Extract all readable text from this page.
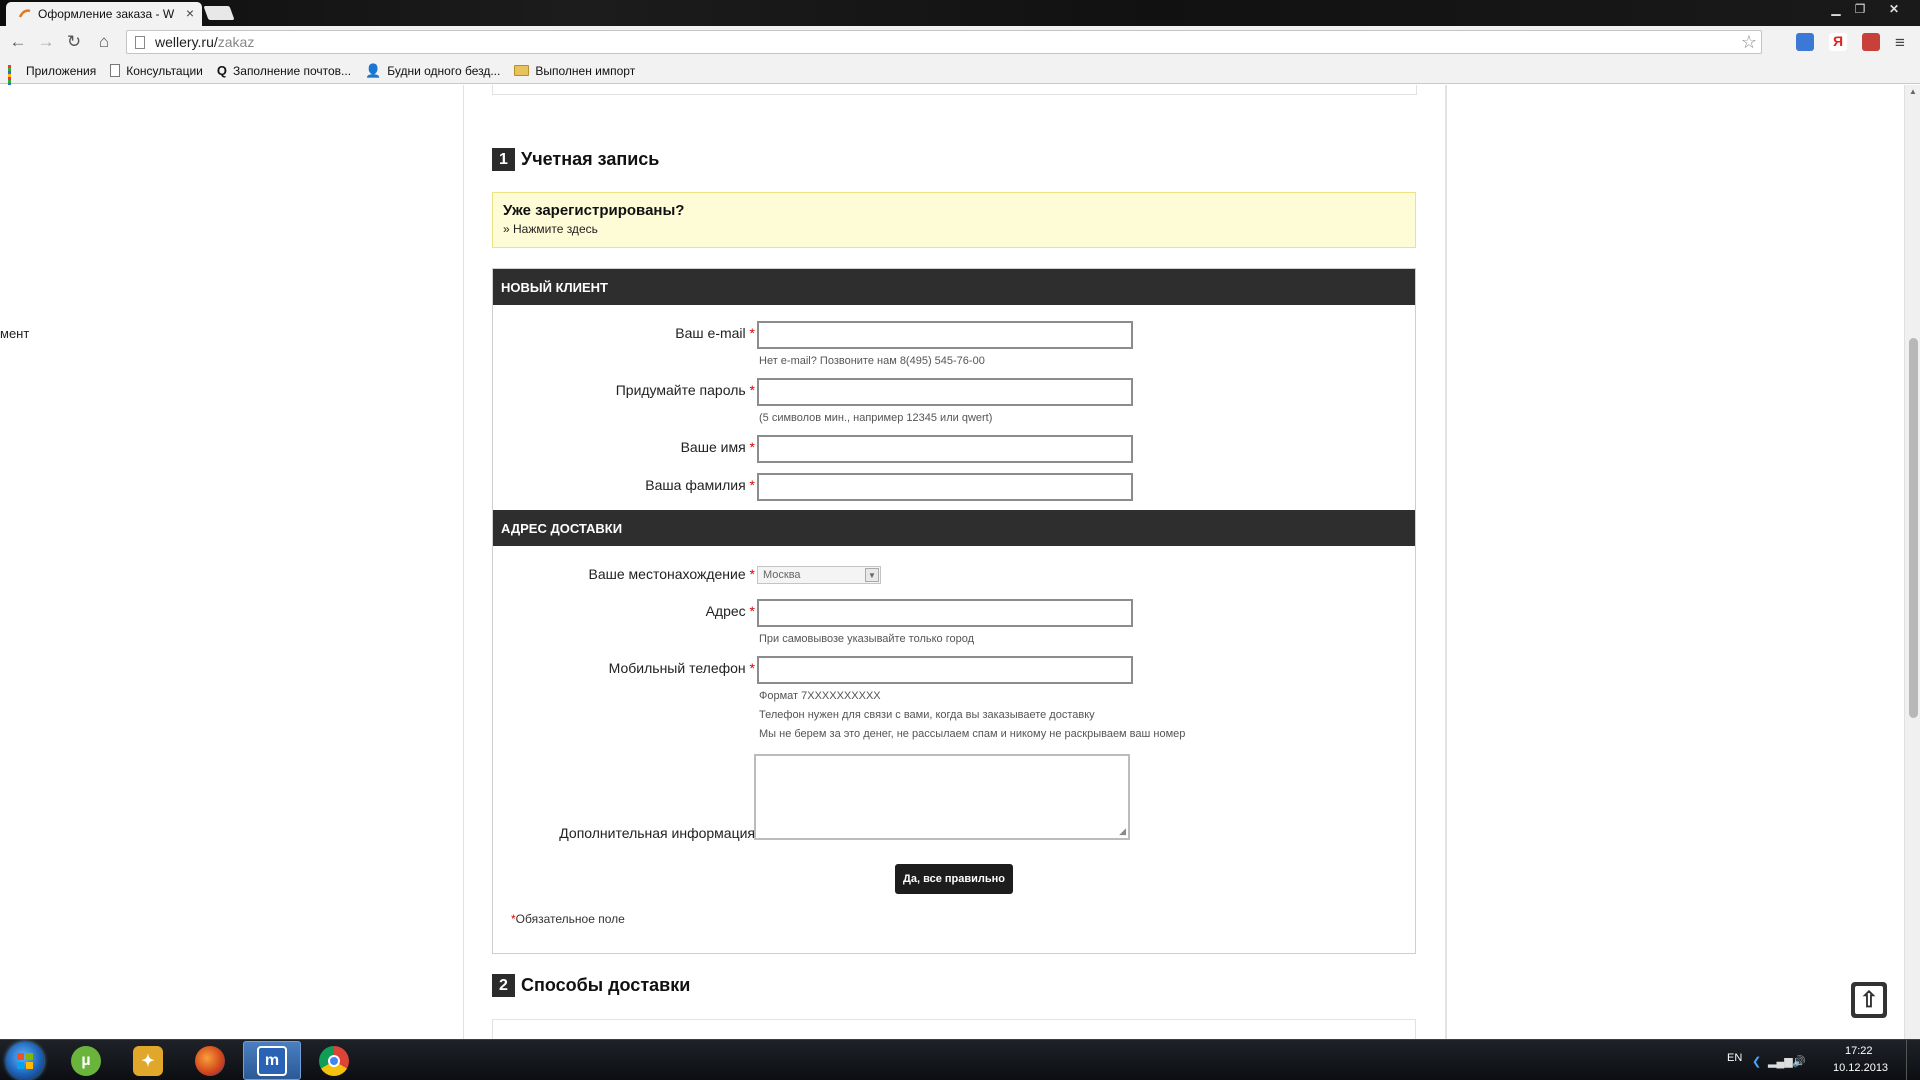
Оформление заказа - W ×	▁	❐	✕
← → ↻ ⌂	wellery.ru/ zakaz	☆	Я	≡
Приложения	Консультации Q Заполнение почтов... 👤 Будни одного безд...	Выполнен импорт
мент
1 Учетная запись
Уже зарегистрированы?
» Нажмите здесь
НОВЫЙ КЛИЕНТ
Ваш e-mail *
Нет e-mail? Позвоните нам 8(495) 545-76-00
Придумайте пароль *
(5 символов мин., например 12345 или qwert)
Ваше имя *
Ваша фамилия *
АДРЕС ДОСТАВКИ
Ваше местонахождение * Москва	▼
Адрес *
При самовывозе указывайте только город
Мобильный телефон *
Формат 7XXXXXXXXXX
Телефон нужен для связи с вами, когда вы заказываете доставку
Мы не берем за это денег, не рассылаем спам и никому не раскрываем ваш номер
◢
Дополнительная информация
Да, все правильно
*Обязательное поле
2 Способы доставки
⇧
▲
µ	✦	m	EN ❮ ▂▄▆ 🔊
17:22
10.12.2013
